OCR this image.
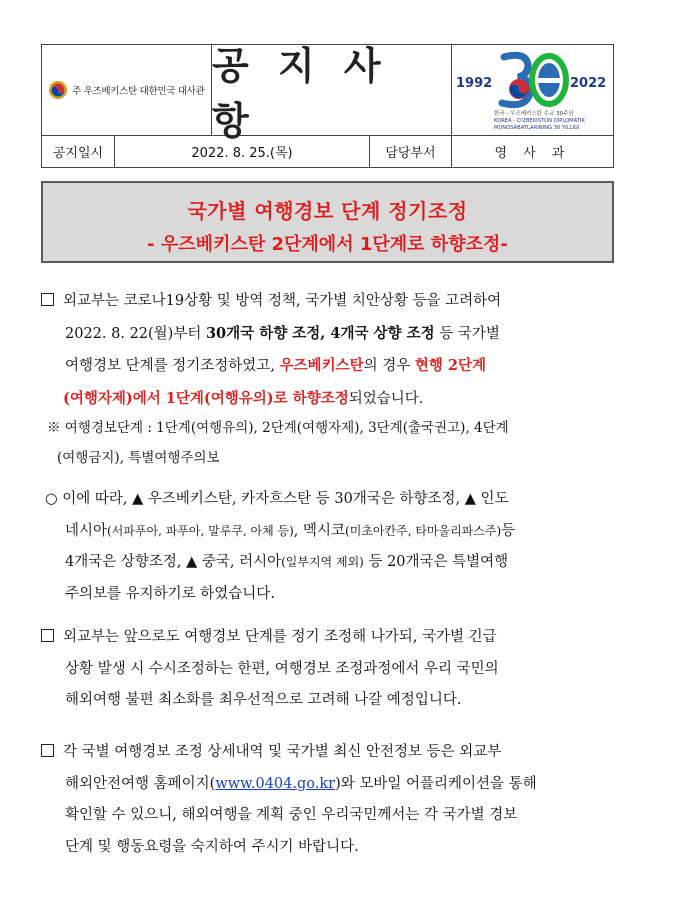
주 우즈베키스탄 대한민국 대사관
공 지 사 항
1992	2022
한국 - 우즈베키스탄 수교 30주년
KOREA - O'ZBEKISTON DIPLOMATIK
MUNOSABATLARINING 30 YILLIGI
공지일시	2022. 8. 25.(목)	담당부서	영 사 과
국가별 여행경보 단계 정기조정
- 우즈베키스탄 2단계에서 1단계로 하향조정-
외교부는 코로나19상황 및 방역 정책, 국가별 치안상황 등을 고려하여
2022. 8. 22(월)부터 30개국 하향 조정, 4개국 상향 조정 등 국가별
여행경보 단계를 정기조정하였고, 우즈베키스탄의 경우 현행 2단계
(여행자제)에서 1단계(여행유의)로 하향조정되었습니다.
※ 여행경보단계 : 1단계(여행유의), 2단계(여행자제), 3단계(출국권고), 4단계
(여행금지), 특별여행주의보
○ 이에 따라, ▲ 우즈베키스탄, 카자흐스탄 등 30개국은 하향조정, ▲ 인도
네시아(서파푸아, 파푸아, 말루쿠, 아체 등), 멕시코(미초아칸주, 타마울리파스주)등
4개국은 상향조정, ▲ 중국, 러시아(일부지역 제외) 등 20개국은 특별여행
주의보를 유지하기로 하였습니다.
외교부는 앞으로도 여행경보 단계를 정기 조정해 나가되, 국가별 긴급
상황 발생 시 수시조정하는 한편, 여행경보 조정과정에서 우리 국민의
해외여행 불편 최소화를 최우선적으로 고려해 나갈 예정입니다.
각 국별 여행경보 조정 상세내역 및 국가별 최신 안전정보 등은 외교부
해외안전여행 홈페이지(www.0404.go.kr)와 모바일 어플리케이션을 통해
확인할 수 있으니, 해외여행을 계획 중인 우리국민께서는 각 국가별 경보
단계 및 행동요령을 숙지하여 주시기 바랍니다.
